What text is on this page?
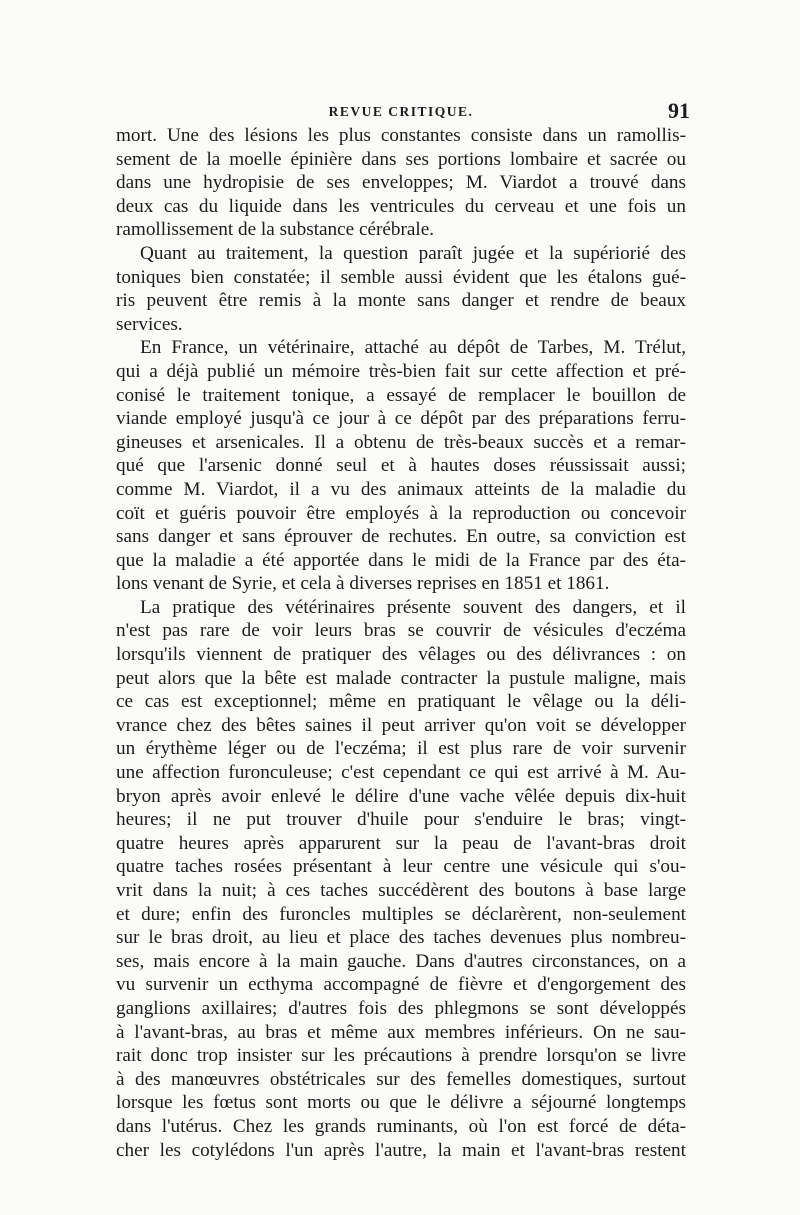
REVUE CRITIQUE.	91
mort. Une des lésions les plus constantes consiste dans un ramollis-
sement de la moelle épinière dans ses portions lombaire et sacrée ou
dans une hydropisie de ses enveloppes; M. Viardot a trouvé dans
deux cas du liquide dans les ventricules du cerveau et une fois un
ramollissement de la substance cérébrale.
Quant au traitement, la question paraît jugée et la supériorié des
toniques bien constatée; il semble aussi évident que les étalons gué-
ris peuvent être remis à la monte sans danger et rendre de beaux
services.
En France, un vétérinaire, attaché au dépôt de Tarbes, M. Trélut,
qui a déjà publié un mémoire très-bien fait sur cette affection et pré-
conisé le traitement tonique, a essayé de remplacer le bouillon de
viande employé jusqu'à ce jour à ce dépôt par des préparations ferru-
gineuses et arsenicales. Il a obtenu de très-beaux succès et a remar-
qué que l'arsenic donné seul et à hautes doses réussissait aussi;
comme M. Viardot, il a vu des animaux atteints de la maladie du
coït et guéris pouvoir être employés à la reproduction ou concevoir
sans danger et sans éprouver de rechutes. En outre, sa conviction est
que la maladie a été apportée dans le midi de la France par des éta-
lons venant de Syrie, et cela à diverses reprises en 1851 et 1861.
La pratique des vétérinaires présente souvent des dangers, et il
n'est pas rare de voir leurs bras se couvrir de vésicules d'eczéma
lorsqu'ils viennent de pratiquer des vêlages ou des délivrances : on
peut alors que la bête est malade contracter la pustule maligne, mais
ce cas est exceptionnel; même en pratiquant le vêlage ou la déli-
vrance chez des bêtes saines il peut arriver qu'on voit se développer
un érythème léger ou de l'eczéma; il est plus rare de voir survenir
une affection furonculeuse; c'est cependant ce qui est arrivé à M. Au-
bryon après avoir enlevé le délire d'une vache vêlée depuis dix-huit
heures; il ne put trouver d'huile pour s'enduire le bras; vingt-
quatre heures après apparurent sur la peau de l'avant-bras droit
quatre taches rosées présentant à leur centre une vésicule qui s'ou-
vrit dans la nuit; à ces taches succédèrent des boutons à base large
et dure; enfin des furoncles multiples se déclarèrent, non-seulement
sur le bras droit, au lieu et place des taches devenues plus nombreu-
ses, mais encore à la main gauche. Dans d'autres circonstances, on a
vu survenir un ecthyma accompagné de fièvre et d'engorgement des
ganglions axillaires; d'autres fois des phlegmons se sont développés
à l'avant-bras, au bras et même aux membres inférieurs. On ne sau-
rait donc trop insister sur les précautions à prendre lorsqu'on se livre
à des manœuvres obstétricales sur des femelles domestiques, surtout
lorsque les fœtus sont morts ou que le délivre a séjourné longtemps
dans l'utérus. Chez les grands ruminants, où l'on est forcé de déta-
cher les cotylédons l'un après l'autre, la main et l'avant-bras restent
